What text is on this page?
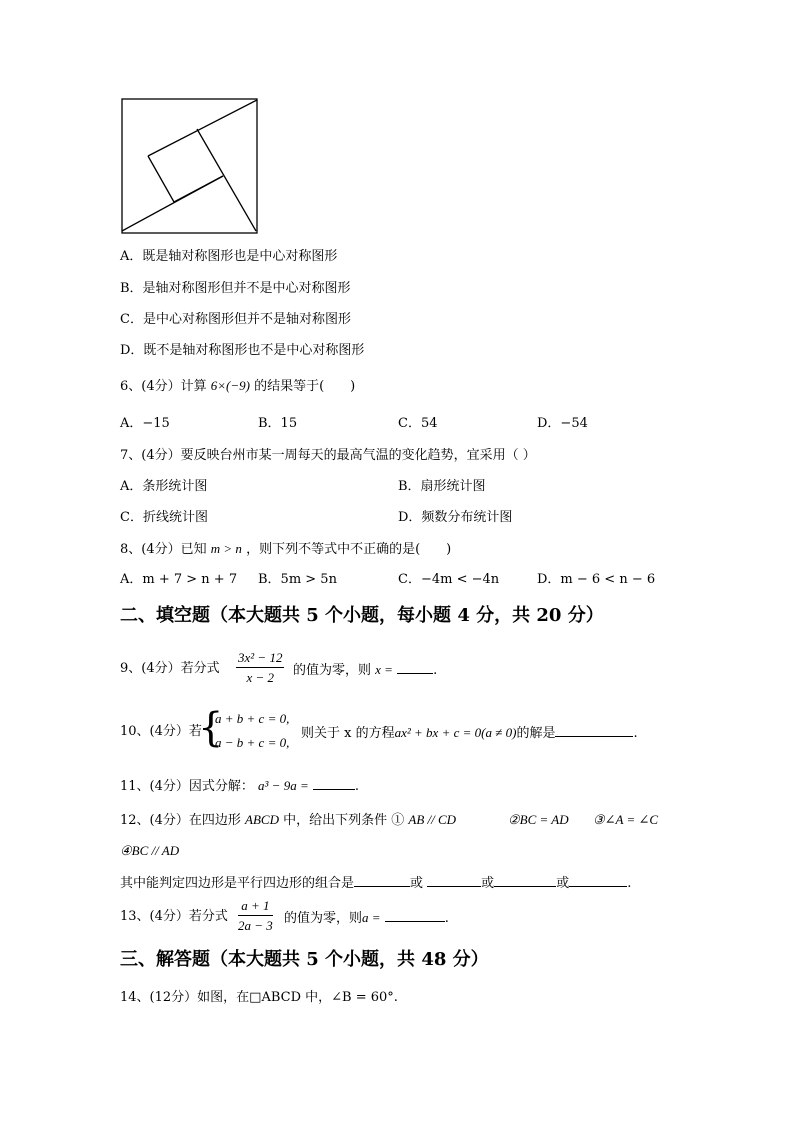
A．既是轴对称图形也是中心对称图形
B．是轴对称图形但并不是中心对称图形
C．是中心对称图形但并不是轴对称图形
D．既不是轴对称图形也不是中心对称图形
6、(4分）计算 6×(−9) 的结果等于(　　)
A．−15	B．15	C．54	D．−54
7、(4分）要反映台州市某一周每天的最高气温的变化趋势，宜采用（ ）
A．条形统计图	B．扇形统计图
C．折线统计图	D．频数分布统计图
8、(4分）已知 m > n ，则下列不等式中不正确的是(　　)
A．m + 7 > n + 7 B．5m > 5n	C．−4m < −4n	D．m − 6 < n − 6
二、填空题（本大题共 5 个小题，每小题 4 分，共 20 分）
9、(4分）若分式 $\frac{\text{3x² − 12}}{x - 2}$ 的值为零，则 x =	.
10、(4分）若
{
a + b + c = 0,
a − b + c = 0,
则关于 x 的方程ax² + bx + c = 0(a ≠ 0)的解是	.
11、(4分）因式分解： a³ − 9a =	.
12、(4分）在四边形 ABCD 中，给出下列条件 ① AB // CD	②BC = AD ③∠A = ∠C
④BC // AD
其中能判定四边形是平行四边形的组合是	或	或	或	.
13、(4分）若分式 $\frac{a + 1}{2a - 3}$ 的值为零，则a =	.
三、解答题（本大题共 5 个小题，共 48 分）
14、(12分）如图，在□ABCD 中，∠B = 60°.
